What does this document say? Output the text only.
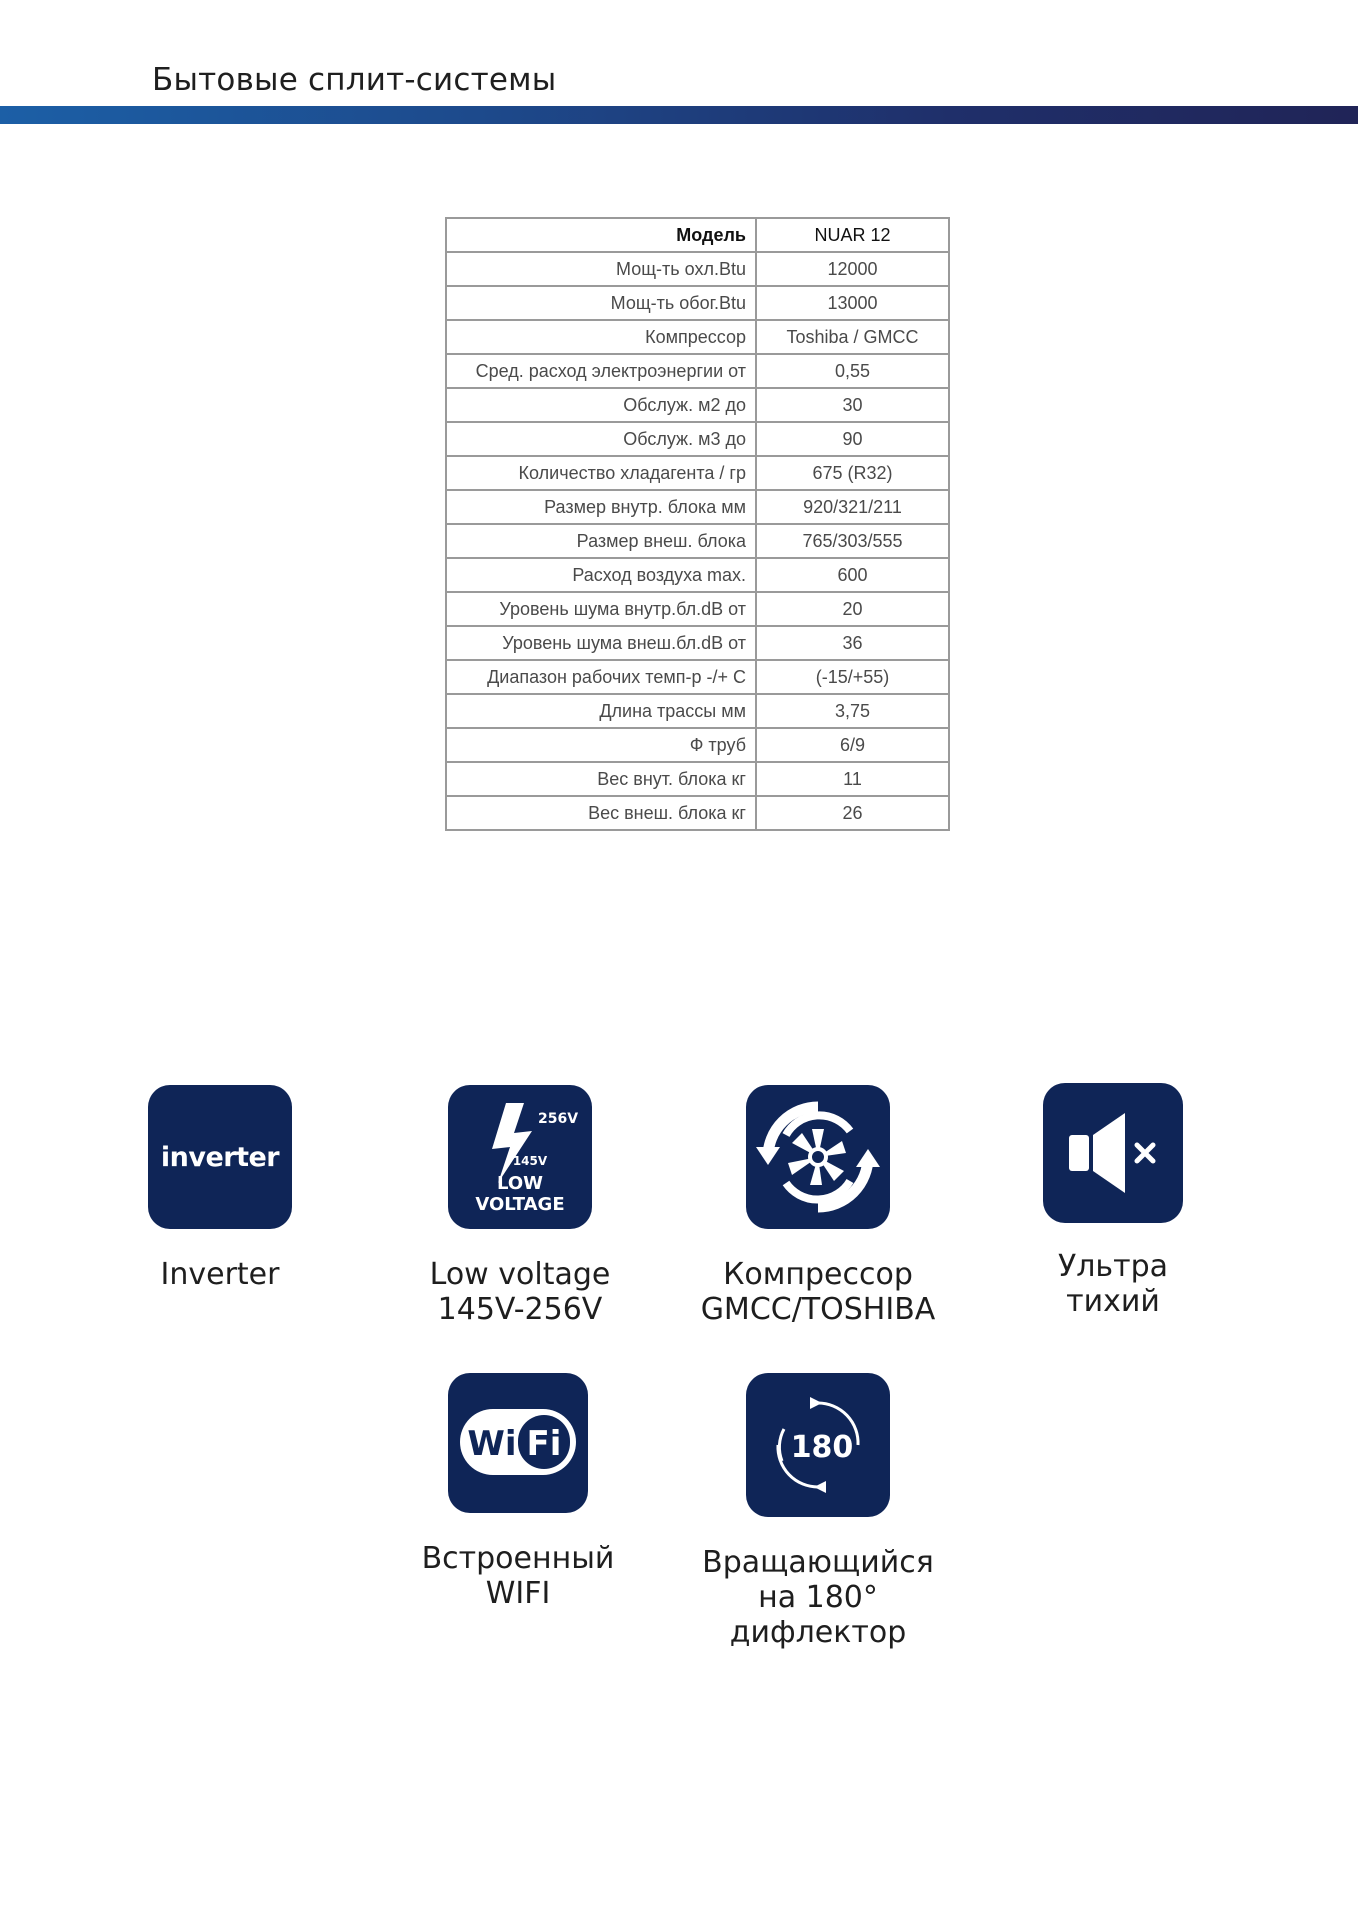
Бытовые сплит-системы
Модель	NUAR 12
Мощ-ть охл.Btu	12000
Мощ-ть обог.Btu	13000
Компрессор	Toshiba / GMCC
Сред. расход электроэнергии от	0,55
Обслуж. м2 до	30
Обслуж. м3 до	90
Количество хладагента / гр	675 (R32)
Размер внутр. блока мм	920/321/211
Размер внеш. блока	765/303/555
Расход воздуха max.	600
Уровень шума внутр.бл.dB от	20
Уровень шума внеш.бл.dB от	36
Диапазон рабочих темп-р -/+ C	(-15/+55)
Длина трассы мм	3,75
Ф труб	6/9
Вес внут. блока кг	11
Вес внеш. блока кг	26
inverter
Inverter
256V
145V
LOW
VOLTAGE
Low voltage
145V-256V
Компрессор
GMCC/TOSHIBA
Ультра
тихий
Wi Fi
Встроенный
WIFI
180
Вращающийся
на 180° дифлектор
